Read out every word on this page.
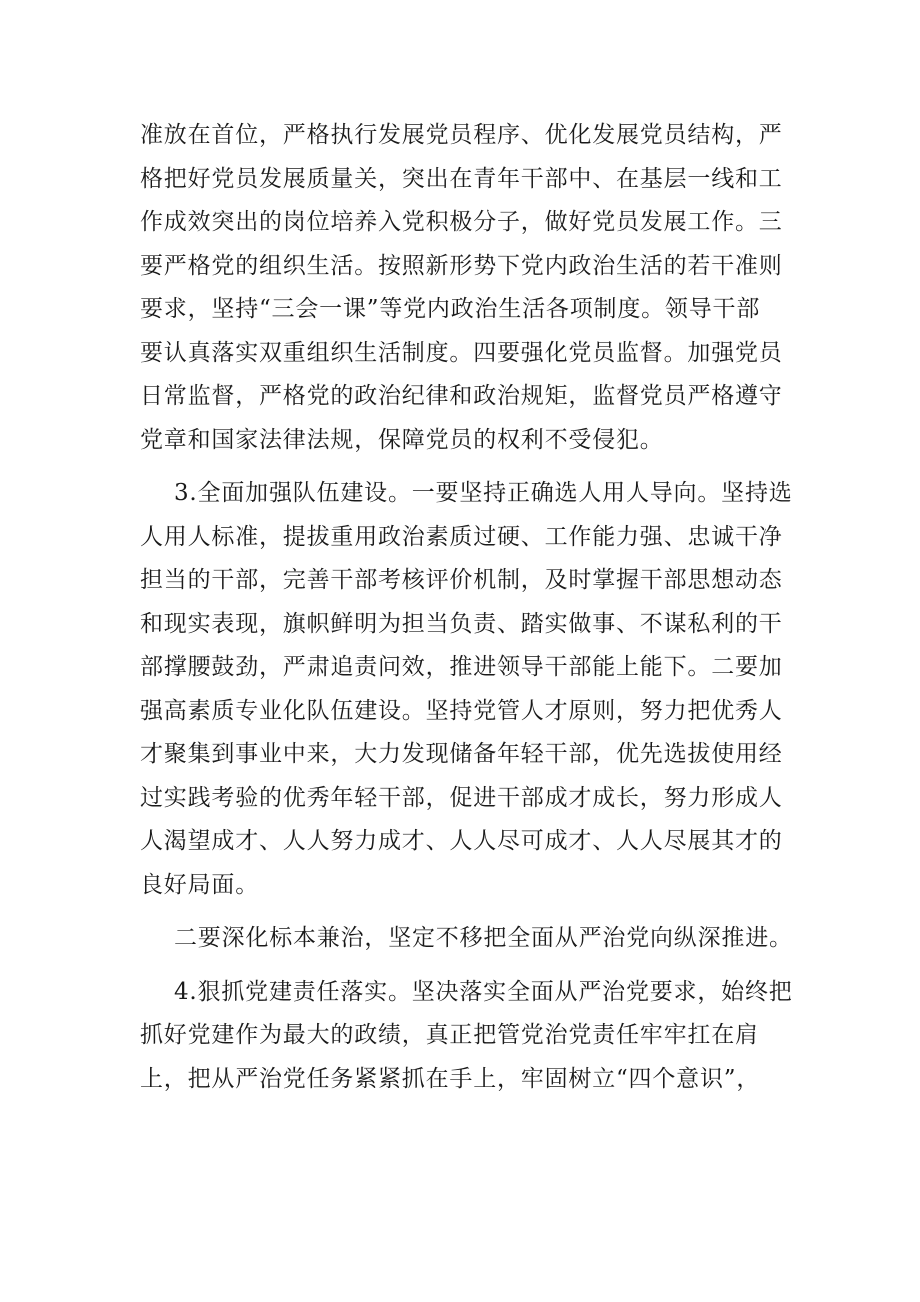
准放在首位，严格执行发展党员程序、优化发展党员结构，严
格把好党员发展质量关，突出在青年干部中、在基层一线和工
作成效突出的岗位培养入党积极分子，做好党员发展工作。三
要严格党的组织生活。按照新形势下党内政治生活的若干准则
要求，坚持“三会一课”等党内政治生活各项制度。领导干部
要认真落实双重组织生活制度。四要强化党员监督。加强党员
日常监督，严格党的政治纪律和政治规矩，监督党员严格遵守
党章和国家法律法规，保障党员的权利不受侵犯。
3.全面加强队伍建设。一要坚持正确选人用人导向。坚持选
人用人标准，提拔重用政治素质过硬、工作能力强、忠诚干净
担当的干部，完善干部考核评价机制，及时掌握干部思想动态
和现实表现，旗帜鲜明为担当负责、踏实做事、不谋私利的干
部撑腰鼓劲，严肃追责问效，推进领导干部能上能下。二要加
强高素质专业化队伍建设。坚持党管人才原则，努力把优秀人
才聚集到事业中来，大力发现储备年轻干部，优先选拔使用经
过实践考验的优秀年轻干部，促进干部成才成长，努力形成人
人渴望成才、人人努力成才、人人尽可成才、人人尽展其才的
良好局面。
二要深化标本兼治，坚定不移把全面从严治党向纵深推进。
4.狠抓党建责任落实。坚决落实全面从严治党要求，始终把
抓好党建作为最大的政绩，真正把管党治党责任牢牢扛在肩
上，把从严治党任务紧紧抓在手上，牢固树立“四个意识”，
